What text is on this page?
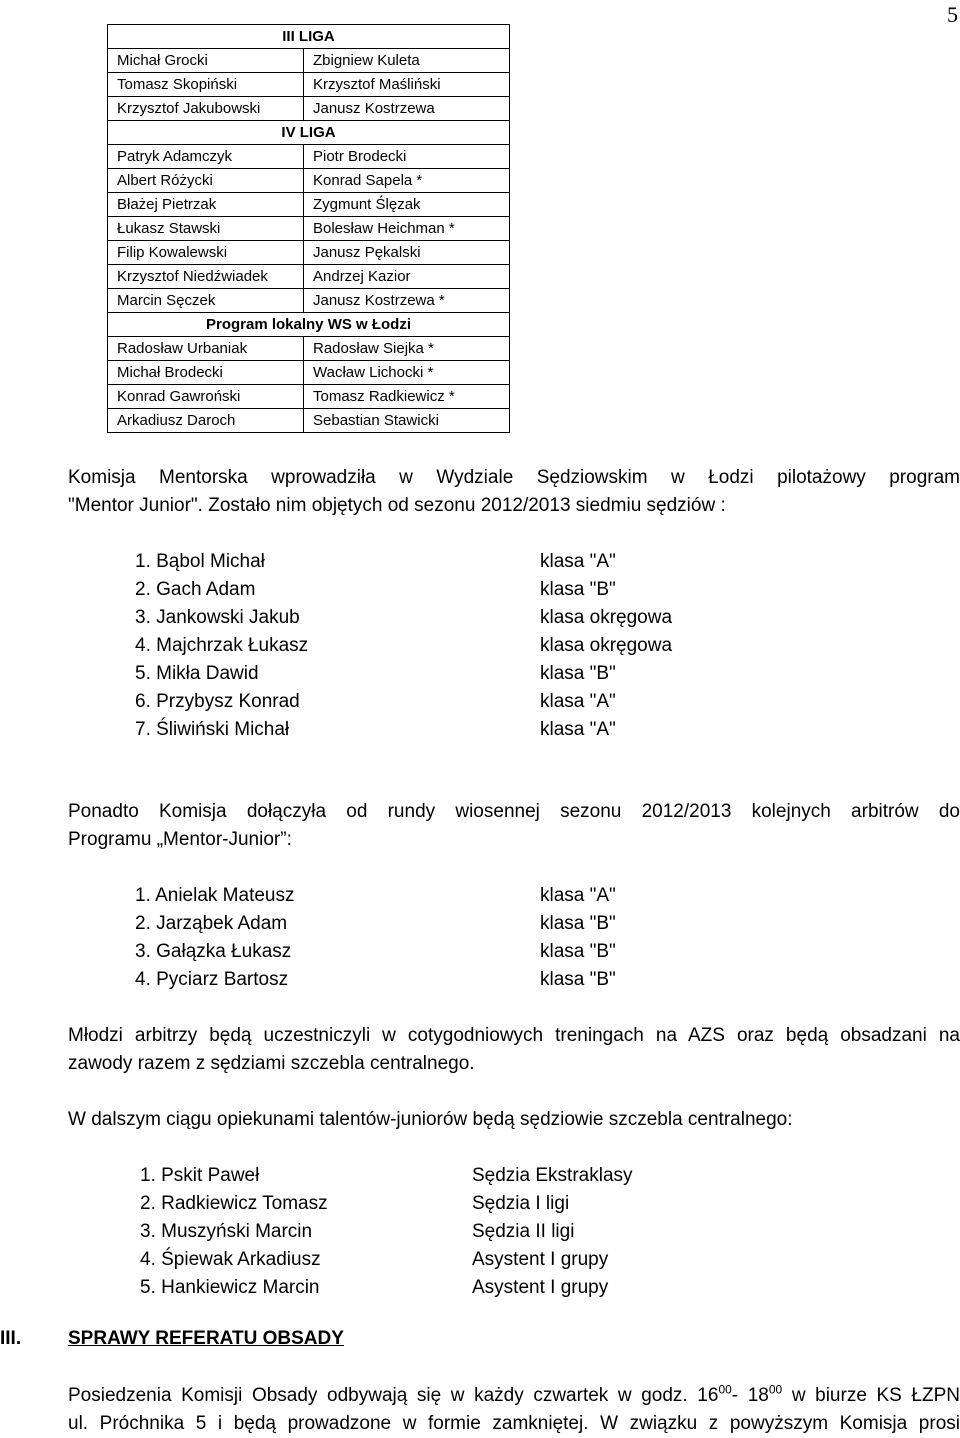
5
III LIGA	
Michał Grocki	Zbigniew Kuleta
Tomasz Skopiński	Krzysztof Maśliński
Krzysztof Jakubowski	Janusz Kostrzewa
IV LIGA	
Patryk Adamczyk	Piotr Brodecki
Albert Różycki	Konrad Sapela *
Błażej Pietrzak	Zygmunt Ślęzak
Łukasz Stawski	Bolesław Heichman *
Filip Kowalewski	Janusz Pękalski
Krzysztof Niedźwiadek	Andrzej Kazior
Marcin Sęczek	Janusz Kostrzewa *
Program lokalny WS w Łodzi	
Radosław Urbaniak	Radosław Siejka *
Michał Brodecki	Wacław Lichocki *
Konrad Gawroński	Tomasz Radkiewicz *
Arkadiusz Daroch	Sebastian Stawicki
Komisja Mentorska wprowadziła w Wydziale Sędziowskim w Łodzi pilotażowy program
"Mentor Junior". Zostało nim objętych od sezonu 2012/2013 siedmiu sędziów :
1. Bąbol Michał	klasa "A"
2. Gach Adam	klasa "B"
3. Jankowski Jakub	klasa okręgowa
4. Majchrzak Łukasz	klasa okręgowa
5. Mikła Dawid	klasa "B"
6. Przybysz Konrad	klasa "A"
7. Śliwiński Michał	klasa "A"
Ponadto Komisja dołączyła od rundy wiosennej sezonu 2012/2013 kolejnych arbitrów do
Programu „Mentor-Junior”:
1. Anielak Mateusz	klasa "A"
2. Jarząbek Adam	klasa "B"
3. Gałązka Łukasz	klasa "B"
4. Pyciarz Bartosz	klasa "B"
Młodzi arbitrzy będą uczestniczyli w cotygodniowych treningach na AZS oraz będą obsadzani na
zawody razem z sędziami szczebla centralnego.
W dalszym ciągu opiekunami talentów-juniorów będą sędziowie szczebla centralnego:
1. Pskit Paweł	Sędzia Ekstraklasy
2. Radkiewicz Tomasz	Sędzia I ligi
3. Muszyński Marcin	Sędzia II ligi
4. Śpiewak Arkadiusz	Asystent I grupy
5. Hankiewicz Marcin	Asystent I grupy
III. SPRAWY REFERATU OBSADY
Posiedzenia Komisji Obsady odbywają się w każdy czwartek w godz. $16^{00}-$ $18^{00}$ w biurze KS ŁZPN
ul. Próchnika 5 i będą prowadzone w formie zamkniętej. W związku z powyższym Komisja prosi
